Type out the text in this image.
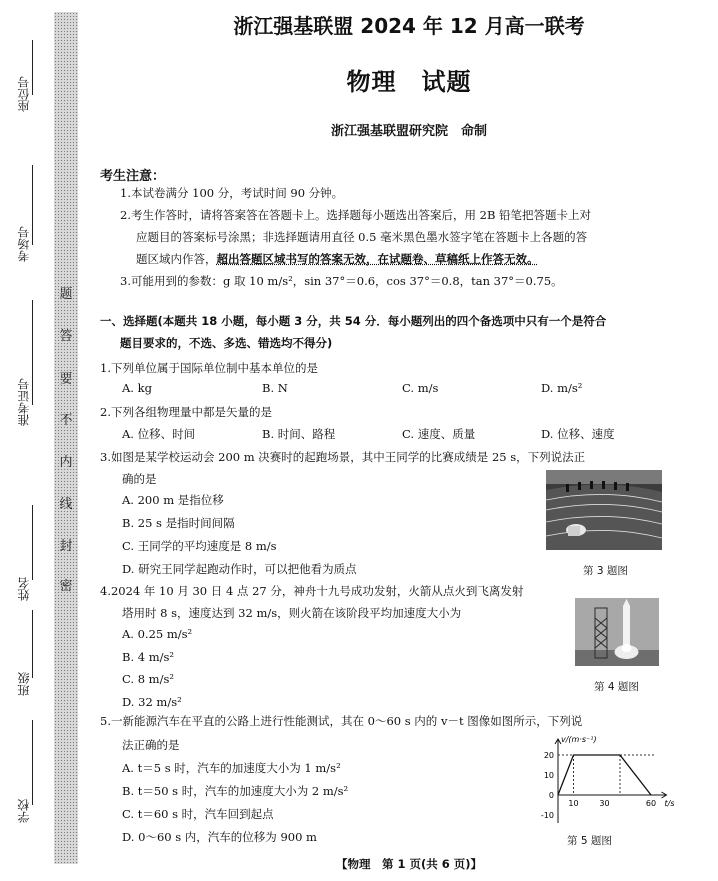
题
答
要
不
内
线
封
密
座位号
考场号
准考证号
姓名
班级
学校
浙江强基联盟 2024 年 12 月高一联考
物理　试题
浙江强基联盟研究院　命制
考生注意：
1.本试卷满分 100 分，考试时间 90 分钟。
2.考生作答时，请将答案答在答题卡上。选择题每小题选出答案后，用 2B 铅笔把答题卡上对
应题目的答案标号涂黑；非选择题请用直径 0.5 毫米黑色墨水签字笔在答题卡上各题的答
题区域内作答，超出答题区域书写的答案无效，在试题卷、草稿纸上作答无效。
3.可能用到的参数：g 取 10 m/s²，sin 37°＝0.6，cos 37°＝0.8，tan 37°＝0.75。
一、选择题(本题共 18 小题，每小题 3 分，共 54 分．每小题列出的四个备选项中只有一个是符合
题目要求的，不选、多选、错选均不得分)
1.下列单位属于国际单位制中基本单位的是
A. kg	B. N	C. m/s	D. m/s²
2.下列各组物理量中都是矢量的是
A. 位移、时间	B. 时间、路程	C. 速度、质量	D. 位移、速度
3.如图是某学校运动会 200 m 决赛时的起跑场景，其中王同学的比赛成绩是 25 s，下列说法正
确的是
A. 200 m 是指位移
B. 25 s 是指时间间隔
C. 王同学的平均速度是 8 m/s
D. 研究王同学起跑动作时，可以把他看为质点	第 3 题图
4.2024 年 10 月 30 日 4 点 27 分，神舟十九号成功发射，火箭从点火到飞离发射
塔用时 8 s，速度达到 32 m/s，则火箭在该阶段平均加速度大小为
A. 0.25 m/s²
B. 4 m/s²
C. 8 m/s²
D. 32 m/s²
第 4 题图
5.一新能源汽车在平直的公路上进行性能测试，其在 0～60 s 内的 v－t 图像如图所示，下列说
法正确的是
A. t＝5 s 时，汽车的加速度大小为 1 m/s²
B. t＝50 s 时，汽车的加速度大小为 2 m/s²
C. t＝60 s 时，汽车回到起点
D. 0～60 s 内，汽车的位移为 900 m
20
10
0
-10
10	30	60
v/(m·s⁻¹)
t/s
第 5 题图
【物理　第 1 页(共 6 页)】
